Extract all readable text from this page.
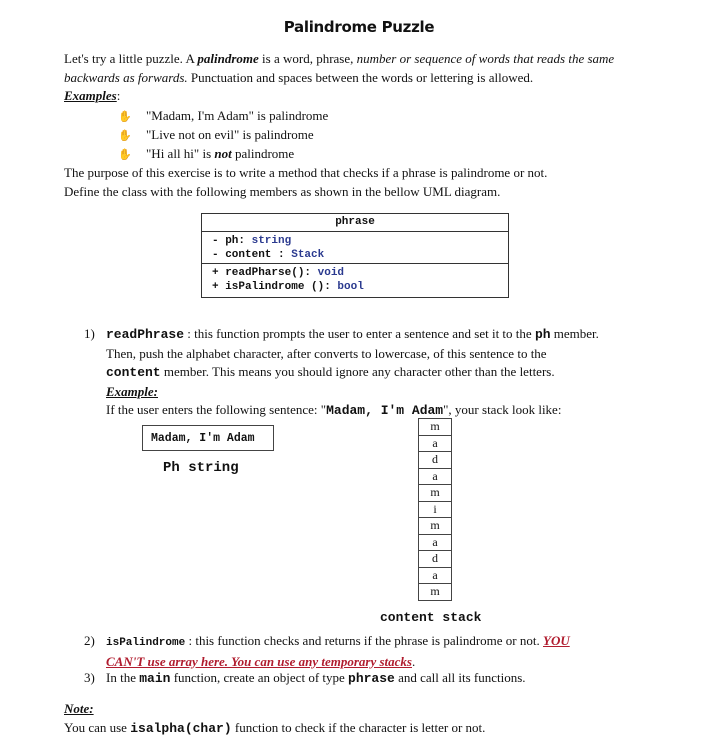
Palindrome Puzzle
Let's try a little puzzle. A palindrome is a word, phrase, number or sequence of words that reads the same backwards as forwards. Punctuation and spaces between the words or lettering is allowed.
Examples:
✋ "Madam, I'm Adam" is palindrome
✋ "Live not on evil" is palindrome
✋ "Hi all hi" is not palindrome
The purpose of this exercise is to write a method that checks if a phrase is palindrome or not.
Define the class with the following members as shown in the bellow UML diagram.
phrase
- ph: string
- content : Stack
+ readPharse(): void
+ isPalindrome (): bool
1) readPhrase : this function prompts the user to enter a sentence and set it to the ph member.
Then, push the alphabet character, after converts to lowercase, of this sentence to the
content member. This means you should ignore any character other than the letters.
Example:
If the user enters the following sentence: "Madam, I'm Adam", your stack look like:
Madam, I'm Adam
Ph string
m
a
d
a
m
i
m
a
d
a
m
content stack
2) isPalindrome : this function checks and returns if the phrase is palindrome or not. YOU
CAN'T use array here. You can use any temporary stacks.
3) In the main function, create an object of type phrase and call all its functions.
Note:
You can use isalpha(char) function to check if the character is letter or not.
